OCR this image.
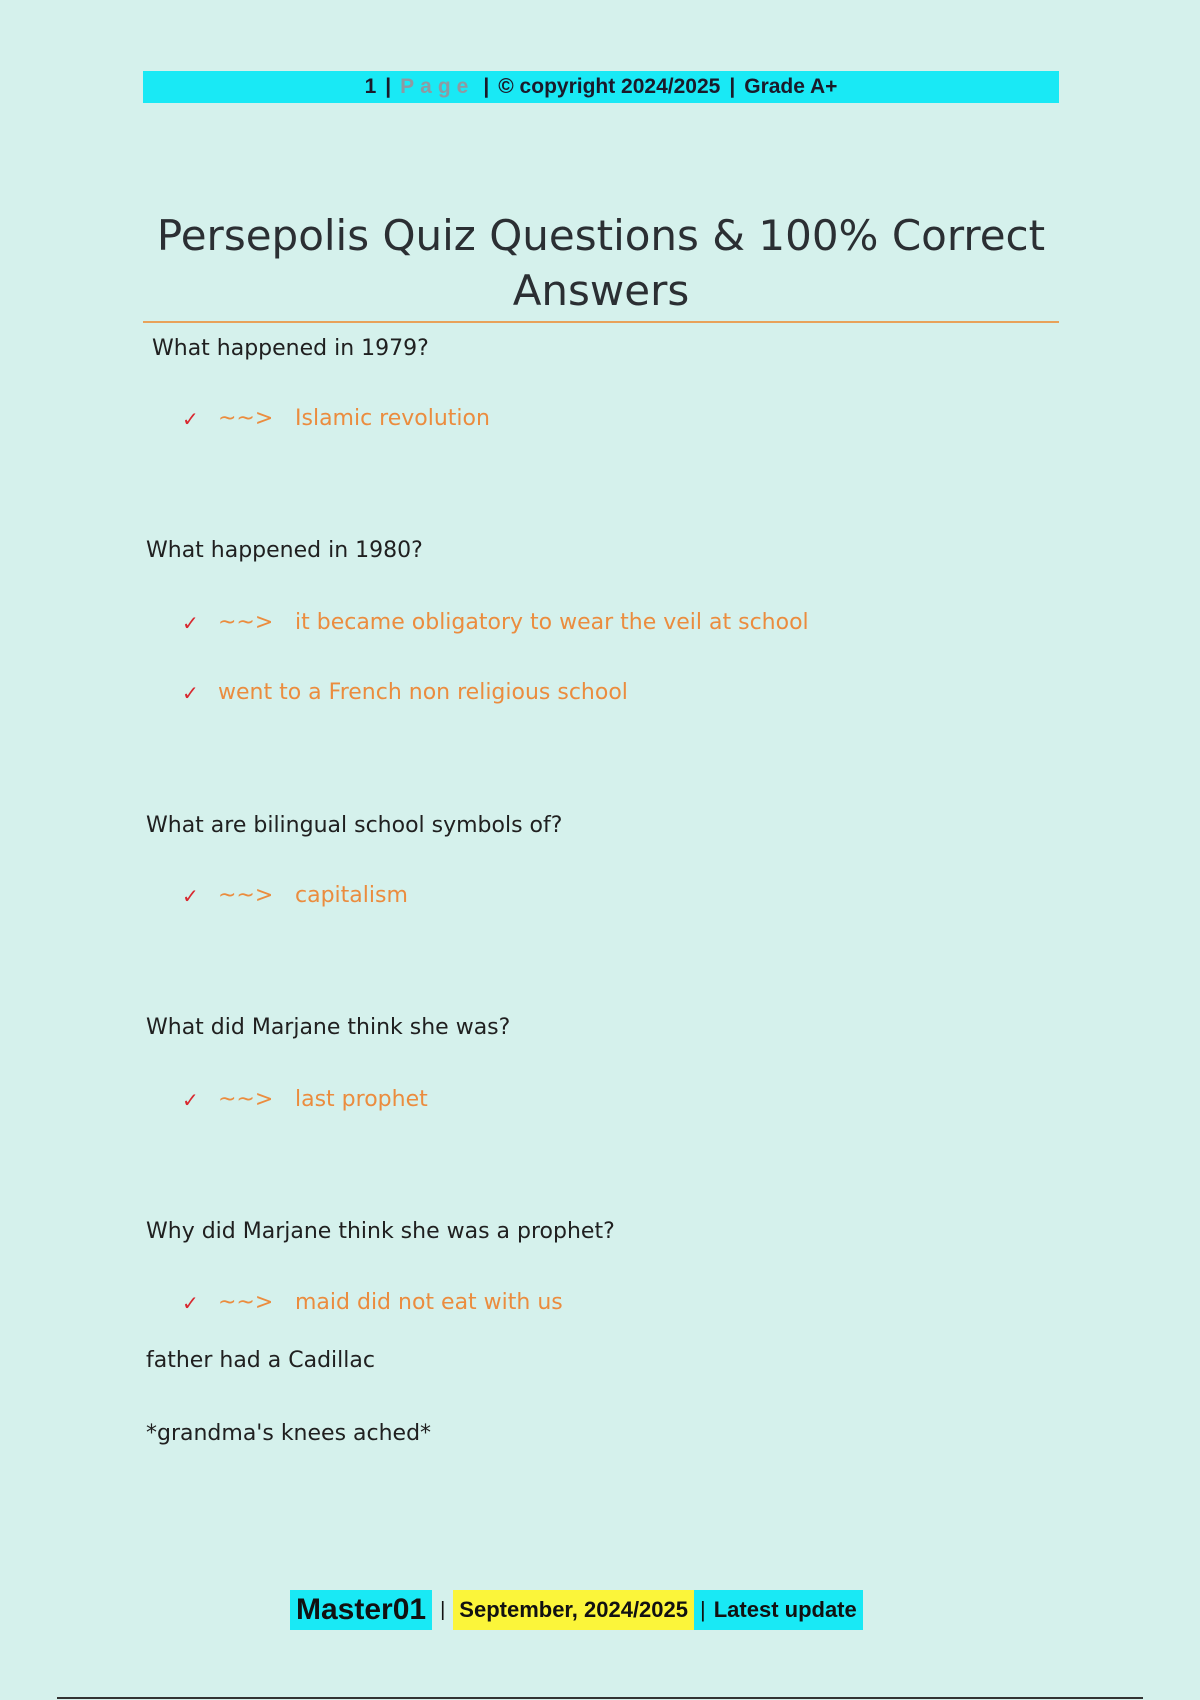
1 | Page | © copyright 2024/2025 | Grade A+
Persepolis Quiz Questions & 100% Correct Answers
What happened in 1979?
✓ ~~> Islamic revolution
What happened in 1980?
✓ ~~> it became obligatory to wear the veil at school
✓ went to a French non religious school
What are bilingual school symbols of?
✓ ~~> capitalism
What did Marjane think she was?
✓ ~~> last prophet
Why did Marjane think she was a prophet?
✓ ~~> maid did not eat with us
father had a Cadillac
*grandma's knees ached*
Master01 | September, 2024/2025 | Latest update
